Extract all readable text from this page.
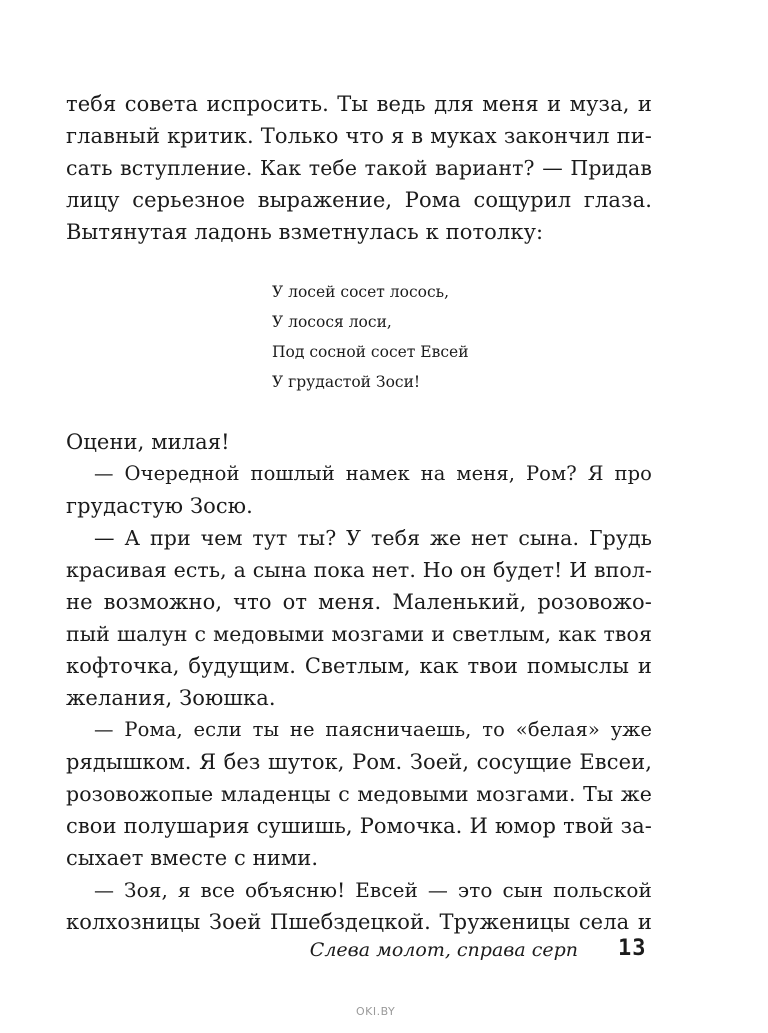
тебя совета испросить. Ты ведь для меня и муза, и
главный критик. Только что я в муках закончил пи-
сать вступление. Как тебе такой вариант? — Придав
лицу серьезное выражение, Рома сощурил глаза.
Вытянутая ладонь взметнулась к потолку:
У лосей сосет лосось,
У лосося лоси,
Под сосной сосет Евсей
У грудастой Зоси!
Оцени, милая!
— Очередной пошлый намек на меня, Ром? Я про
грудастую Зосю.
— А при чем тут ты? У тебя же нет сына. Грудь
красивая есть, а сына пока нет. Но он будет! И впол-
не возможно, что от меня. Маленький, розовожо-
пый шалун с медовыми мозгами и светлым, как твоя
кофточка, будущим. Светлым, как твои помыслы и
желания, Зоюшка.
— Рома, если ты не паясничаешь, то «белая» уже
рядышком. Я без шуток, Ром. Зоей, сосущие Евсеи,
розовожопые младенцы с медовыми мозгами. Ты же
свои полушария сушишь, Ромочка. И юмор твой за-
сыхает вместе с ними.
— Зоя, я все объясню! Евсей — это сын польской
колхозницы Зоей Пшебздецкой. Труженицы села и
Слева молот, справа серп 13
OKI.BY
